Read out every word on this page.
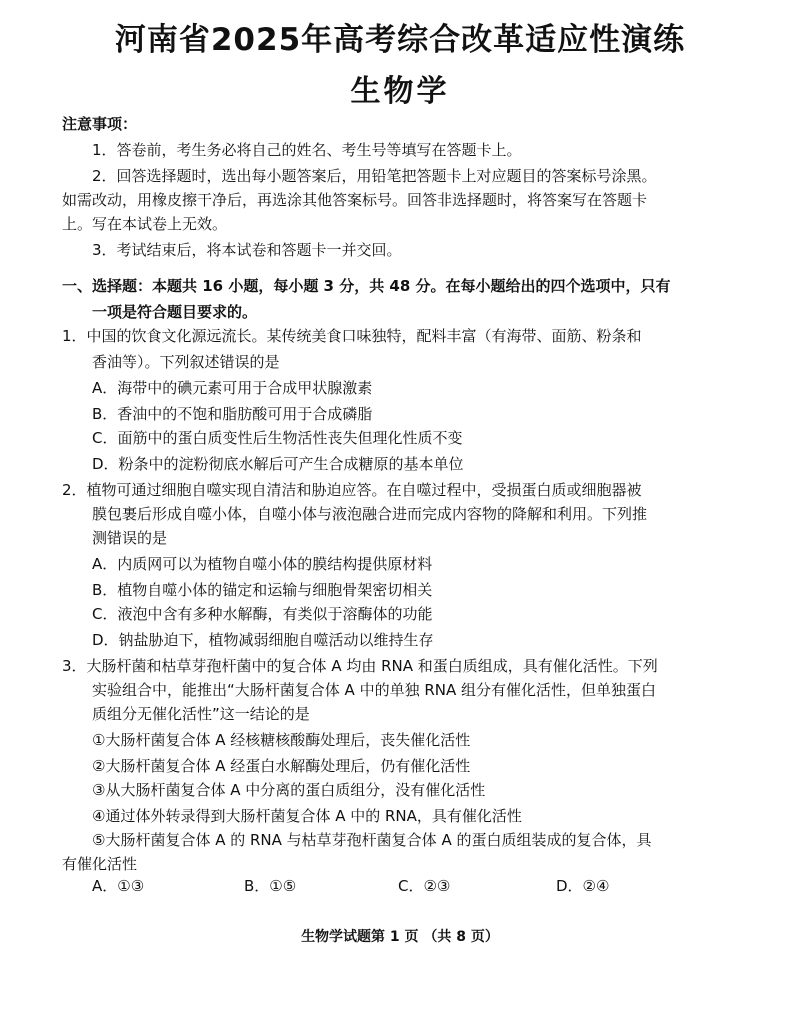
河南省2025年高考综合改革适应性演练
生物学
注意事项：
1．答卷前，考生务必将自己的姓名、考生号等填写在答题卡上。
2．回答选择题时，选出每小题答案后，用铅笔把答题卡上对应题目的答案标号涂黑。
如需改动，用橡皮擦干净后，再选涂其他答案标号。回答非选择题时，将答案写在答题卡
上。写在本试卷上无效。
3．考试结束后，将本试卷和答题卡一并交回。
一、选择题：本题共 16 小题，每小题 3 分，共 48 分。在每小题给出的四个选项中，只有
一项是符合题目要求的。
1．中国的饮食文化源远流长。某传统美食口味独特，配料丰富（有海带、面筋、粉条和
香油等）。下列叙述错误的是
A．海带中的碘元素可用于合成甲状腺激素
B．香油中的不饱和脂肪酸可用于合成磷脂
C．面筋中的蛋白质变性后生物活性丧失但理化性质不变
D．粉条中的淀粉彻底水解后可产生合成糖原的基本单位
2．植物可通过细胞自噬实现自清洁和胁迫应答。在自噬过程中，受损蛋白质或细胞器被
膜包裹后形成自噬小体，自噬小体与液泡融合进而完成内容物的降解和利用。下列推
测错误的是
A．内质网可以为植物自噬小体的膜结构提供原材料
B．植物自噬小体的锚定和运输与细胞骨架密切相关
C．液泡中含有多种水解酶，有类似于溶酶体的功能
D．钠盐胁迫下，植物减弱细胞自噬活动以维持生存
3．大肠杆菌和枯草芽孢杆菌中的复合体 A 均由 RNA 和蛋白质组成，具有催化活性。下列
实验组合中，能推出“大肠杆菌复合体 A 中的单独 RNA 组分有催化活性，但单独蛋白
质组分无催化活性”这一结论的是
①大肠杆菌复合体 A 经核糖核酸酶处理后，丧失催化活性
②大肠杆菌复合体 A 经蛋白水解酶处理后，仍有催化活性
③从大肠杆菌复合体 A 中分离的蛋白质组分，没有催化活性
④通过体外转录得到大肠杆菌复合体 A 中的 RNA，具有催化活性
⑤大肠杆菌复合体 A 的 RNA 与枯草芽孢杆菌复合体 A 的蛋白质组装成的复合体，具
有催化活性
A．①③	B．①⑤	C．②③	D．②④
生物学试题第 1 页 （共 8 页）
